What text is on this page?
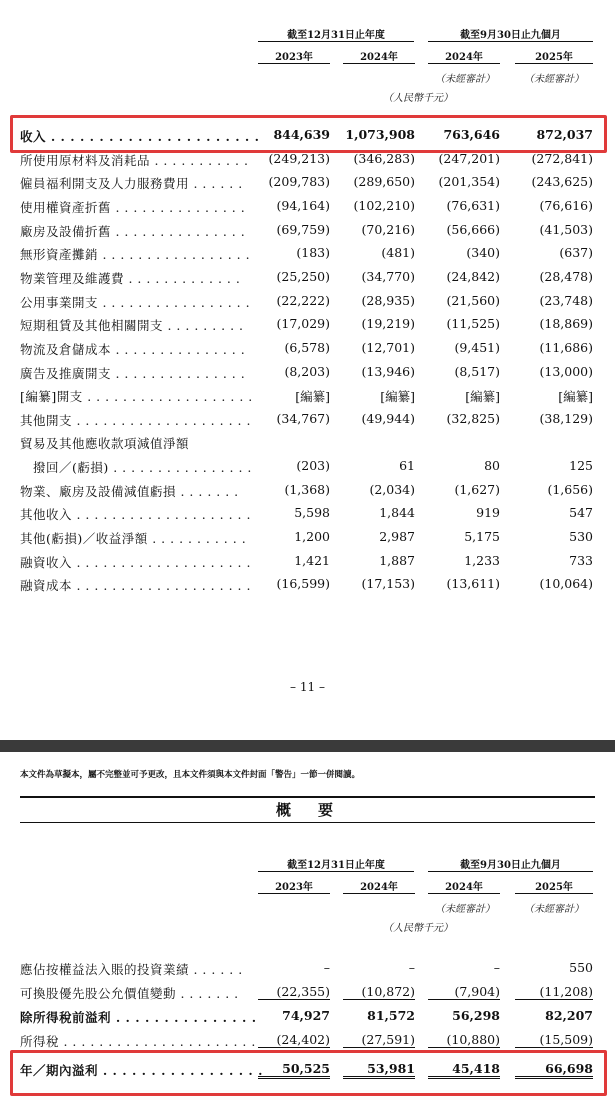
截至12月31日止年度	截至9月30日止九個月
2023年	2024年	2024年	2025年
（未經審計）	（未經審計）
（人民幣千元）
收入 . . . . . . . . . . . . . . . . . . . . . .	844,639 1,073,908	763,646	872,037
所使用原材料及消耗品 . . . . . . . . . . .	(249,213)	(346,283)	(247,201)	(272,841)
僱員福利開支及人力服務費用 . . . . . .	(209,783)	(289,650)	(201,354)	(243,625)
使用權資產折舊 . . . . . . . . . . . . . . .	(94,164)	(102,210)	(76,631)	(76,616)
廠房及設備折舊 . . . . . . . . . . . . . . .	(69,759)	(70,216)	(56,666)	(41,503)
無形資產攤銷 . . . . . . . . . . . . . . . . .	(183)	(481)	(340)	(637)
物業管理及維護費 . . . . . . . . . . . . .	(25,250)	(34,770)	(24,842)	(28,478)
公用事業開支 . . . . . . . . . . . . . . . . .	(22,222)	(28,935)	(21,560)	(23,748)
短期租賃及其他相關開支 . . . . . . . . .	(17,029)	(19,219)	(11,525)	(18,869)
物流及倉儲成本 . . . . . . . . . . . . . . .	(6,578)	(12,701)	(9,451)	(11,686)
廣告及推廣開支 . . . . . . . . . . . . . . .	(8,203)	(13,946)	(8,517)	(13,000)
[編纂]開支 . . . . . . . . . . . . . . . . . . .	[編纂]	[編纂]	[編纂]	[編纂]
其他開支 . . . . . . . . . . . . . . . . . . . .	(34,767)	(49,944)	(32,825)	(38,129)
貿易及其他應收款項減值淨額
　撥回／(虧損) . . . . . . . . . . . . . . . .	(203)	61	80	125
物業、廠房及設備減值虧損 . . . . . . .	(1,368)	(2,034)	(1,627)	(1,656)
其他收入 . . . . . . . . . . . . . . . . . . . .	5,598	1,844	919	547
其他(虧損)／收益淨額 . . . . . . . . . . .	1,200	2,987	5,175	530
融資收入 . . . . . . . . . . . . . . . . . . . .	1,421	1,887	1,233	733
融資成本 . . . . . . . . . . . . . . . . . . . .	(16,599)	(17,153)	(13,611)	(10,064)
– 11 –
本文件為草擬本，屬不完整並可予更改，且本文件須與本文件封面「警告」一節一併閱讀。
概　要
截至12月31日止年度	截至9月30日止九個月
2023年	2024年	2024年	2025年
（未經審計）	（未經審計）
（人民幣千元）
應佔按權益法入賬的投資業績 . . . . . .	–	–	–	550
可換股優先股公允價值變動 . . . . . . .	(22,355)	(10,872)	(7,904)	(11,208)
除所得稅前溢利 . . . . . . . . . . . . . . .	74,927	81,572	56,298	82,207
所得稅 . . . . . . . . . . . . . . . . . . . . . .	(24,402)	(27,591)	(10,880)	(15,509)
年／期內溢利 . . . . . . . . . . . . . . . . .	50,525	53,981	45,418	66,698
